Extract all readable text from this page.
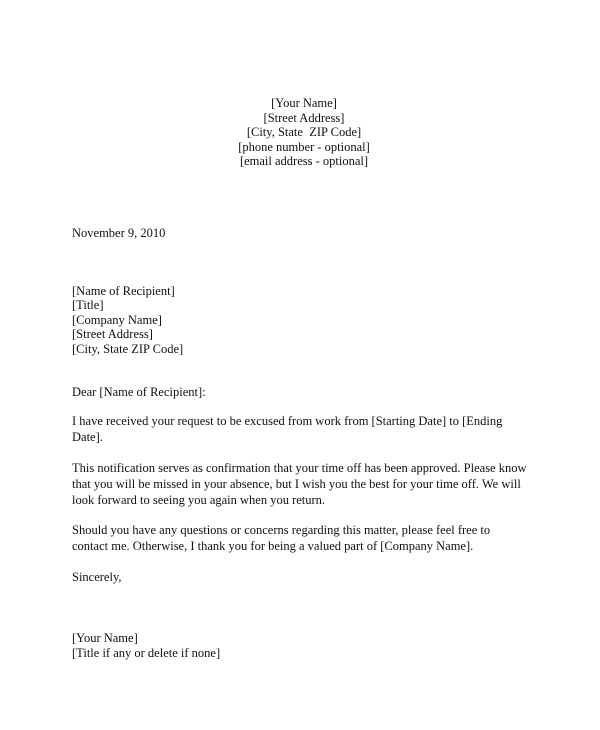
[Your Name]
[Street Address]
[City, State  ZIP Code]
[phone number - optional]
[email address - optional]
November 9, 2010
[Name of Recipient]
[Title]
[Company Name]
[Street Address]
[City, State ZIP Code]
Dear [Name of Recipient]:
I have received your request to be excused from work from [Starting Date] to [Ending Date].
This notification serves as confirmation that your time off has been approved. Please know that you will be missed in your absence, but I wish you the best for your time off. We will look forward to seeing you again when you return.
Should you have any questions or concerns regarding this matter, please feel free to contact me. Otherwise, I thank you for being a valued part of [Company Name].
Sincerely,
[Your Name]
[Title if any or delete if none]
